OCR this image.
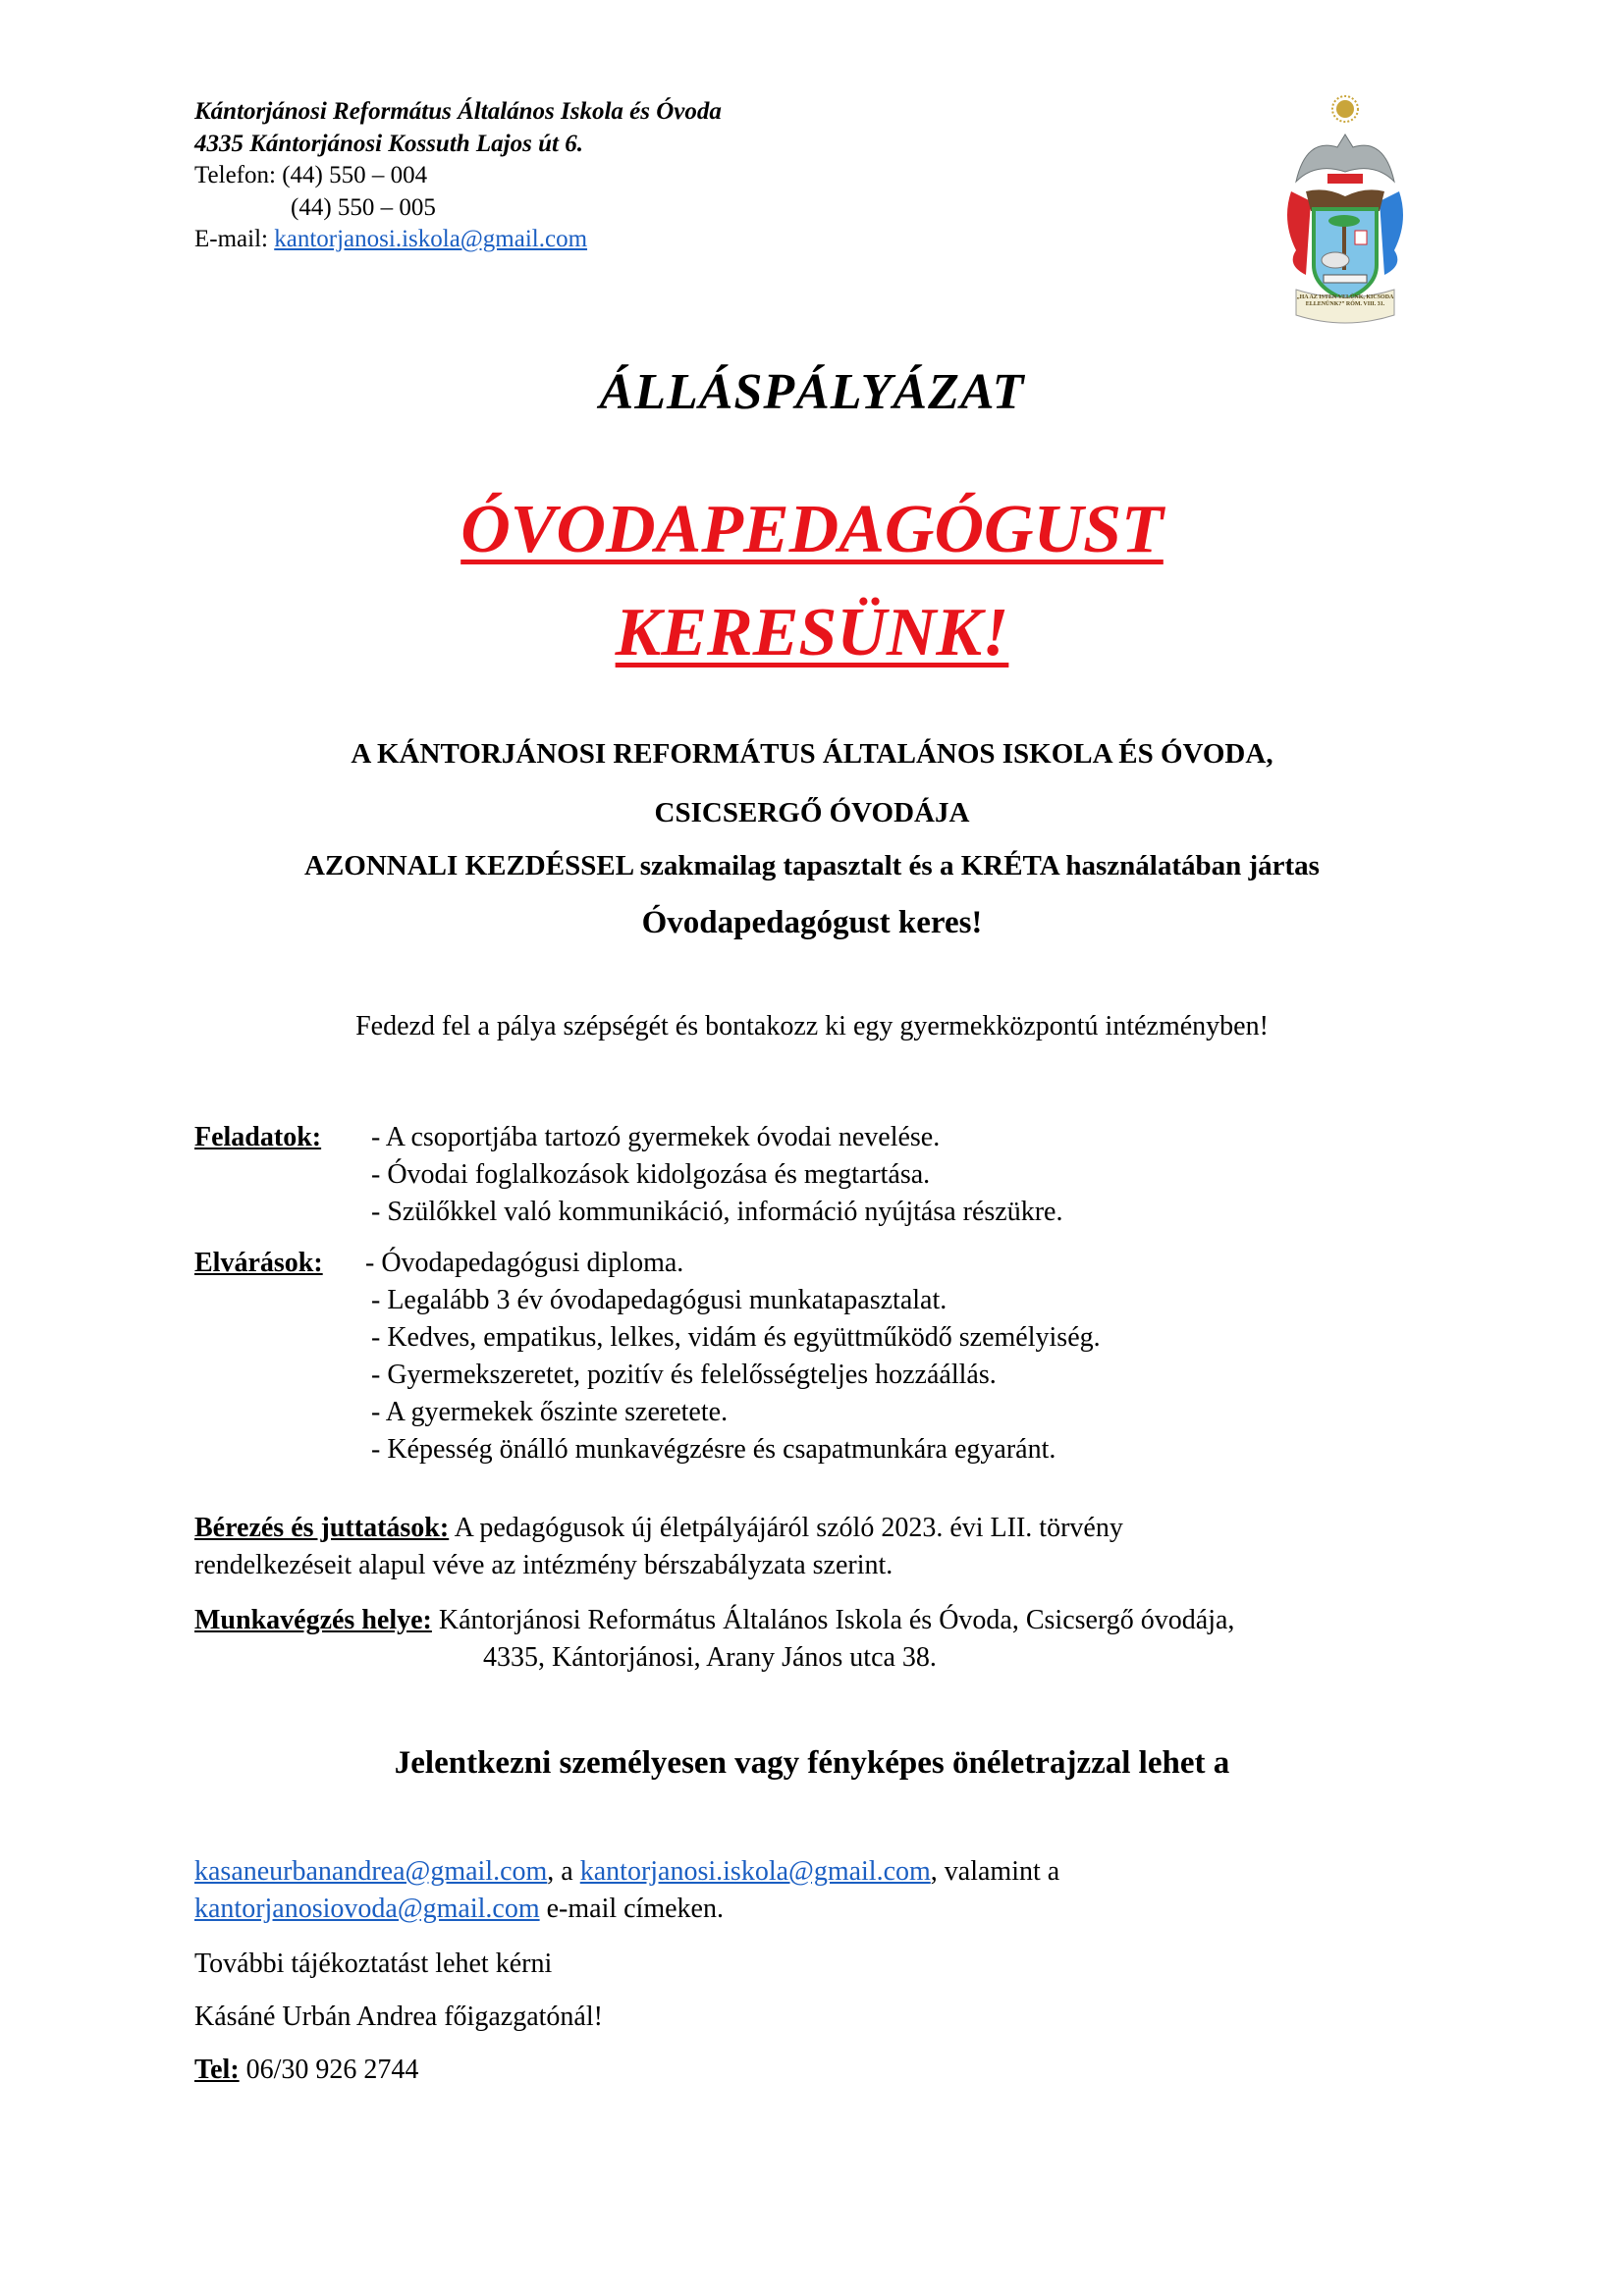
Kántorjánosi Református Általános Iskola és Óvoda
4335 Kántorjánosi Kossuth Lajos út 6.
Telefon: (44) 550 – 004
(44) 550 – 005
E-mail: kantorjanosi.iskola@gmail.com
„HA AZ ISTEN VELÜNK, KICSODA ELLENÜNK?” RÓM. VIII. 31.
ÁLLÁSPÁLYÁZAT
ÓVODAPEDAGÓGUST
KERESÜNK!
A KÁNTORJÁNOSI REFORMÁTUS ÁLTALÁNOS ISKOLA ÉS ÓVODA,
CSICSERGŐ ÓVODÁJA
AZONNALI KEZDÉSSEL szakmailag tapasztalt és a KRÉTA használatában jártas
Óvodapedagógust keres!
Fedezd fel a pálya szépségét és bontakozz ki egy gyermekközpontú intézményben!
Feladatok: - A csoportjába tartozó gyermekek óvodai nevelése.
- Óvodai foglalkozások kidolgozása és megtartása.
- Szülőkkel való kommunikáció, információ nyújtása részükre.
Elvárások: - Óvodapedagógusi diploma.
- Legalább 3 év óvodapedagógusi munkatapasztalat.
- Kedves, empatikus, lelkes, vidám és együttműködő személyiség.
- Gyermekszeretet, pozitív és felelősségteljes hozzáállás.
- A gyermekek őszinte szeretete.
- Képesség önálló munkavégzésre és csapatmunkára egyaránt.
Bérezés és juttatások: A pedagógusok új életpályájáról szóló 2023. évi LII. törvény
rendelkezéseit alapul véve az intézmény bérszabályzata szerint.
Munkavégzés helye: Kántorjánosi Református Általános Iskola és Óvoda, Csicsergő óvodája,
4335, Kántorjánosi, Arany János utca 38.
Jelentkezni személyesen vagy fényképes önéletrajzzal lehet a
kasaneurbanandrea@gmail.com, a kantorjanosi.iskola@gmail.com, valamint a
kantorjanosiovoda@gmail.com e-mail címeken.
További tájékoztatást lehet kérni
Kásáné Urbán Andrea főigazgatónál!
Tel: 06/30 926 2744
